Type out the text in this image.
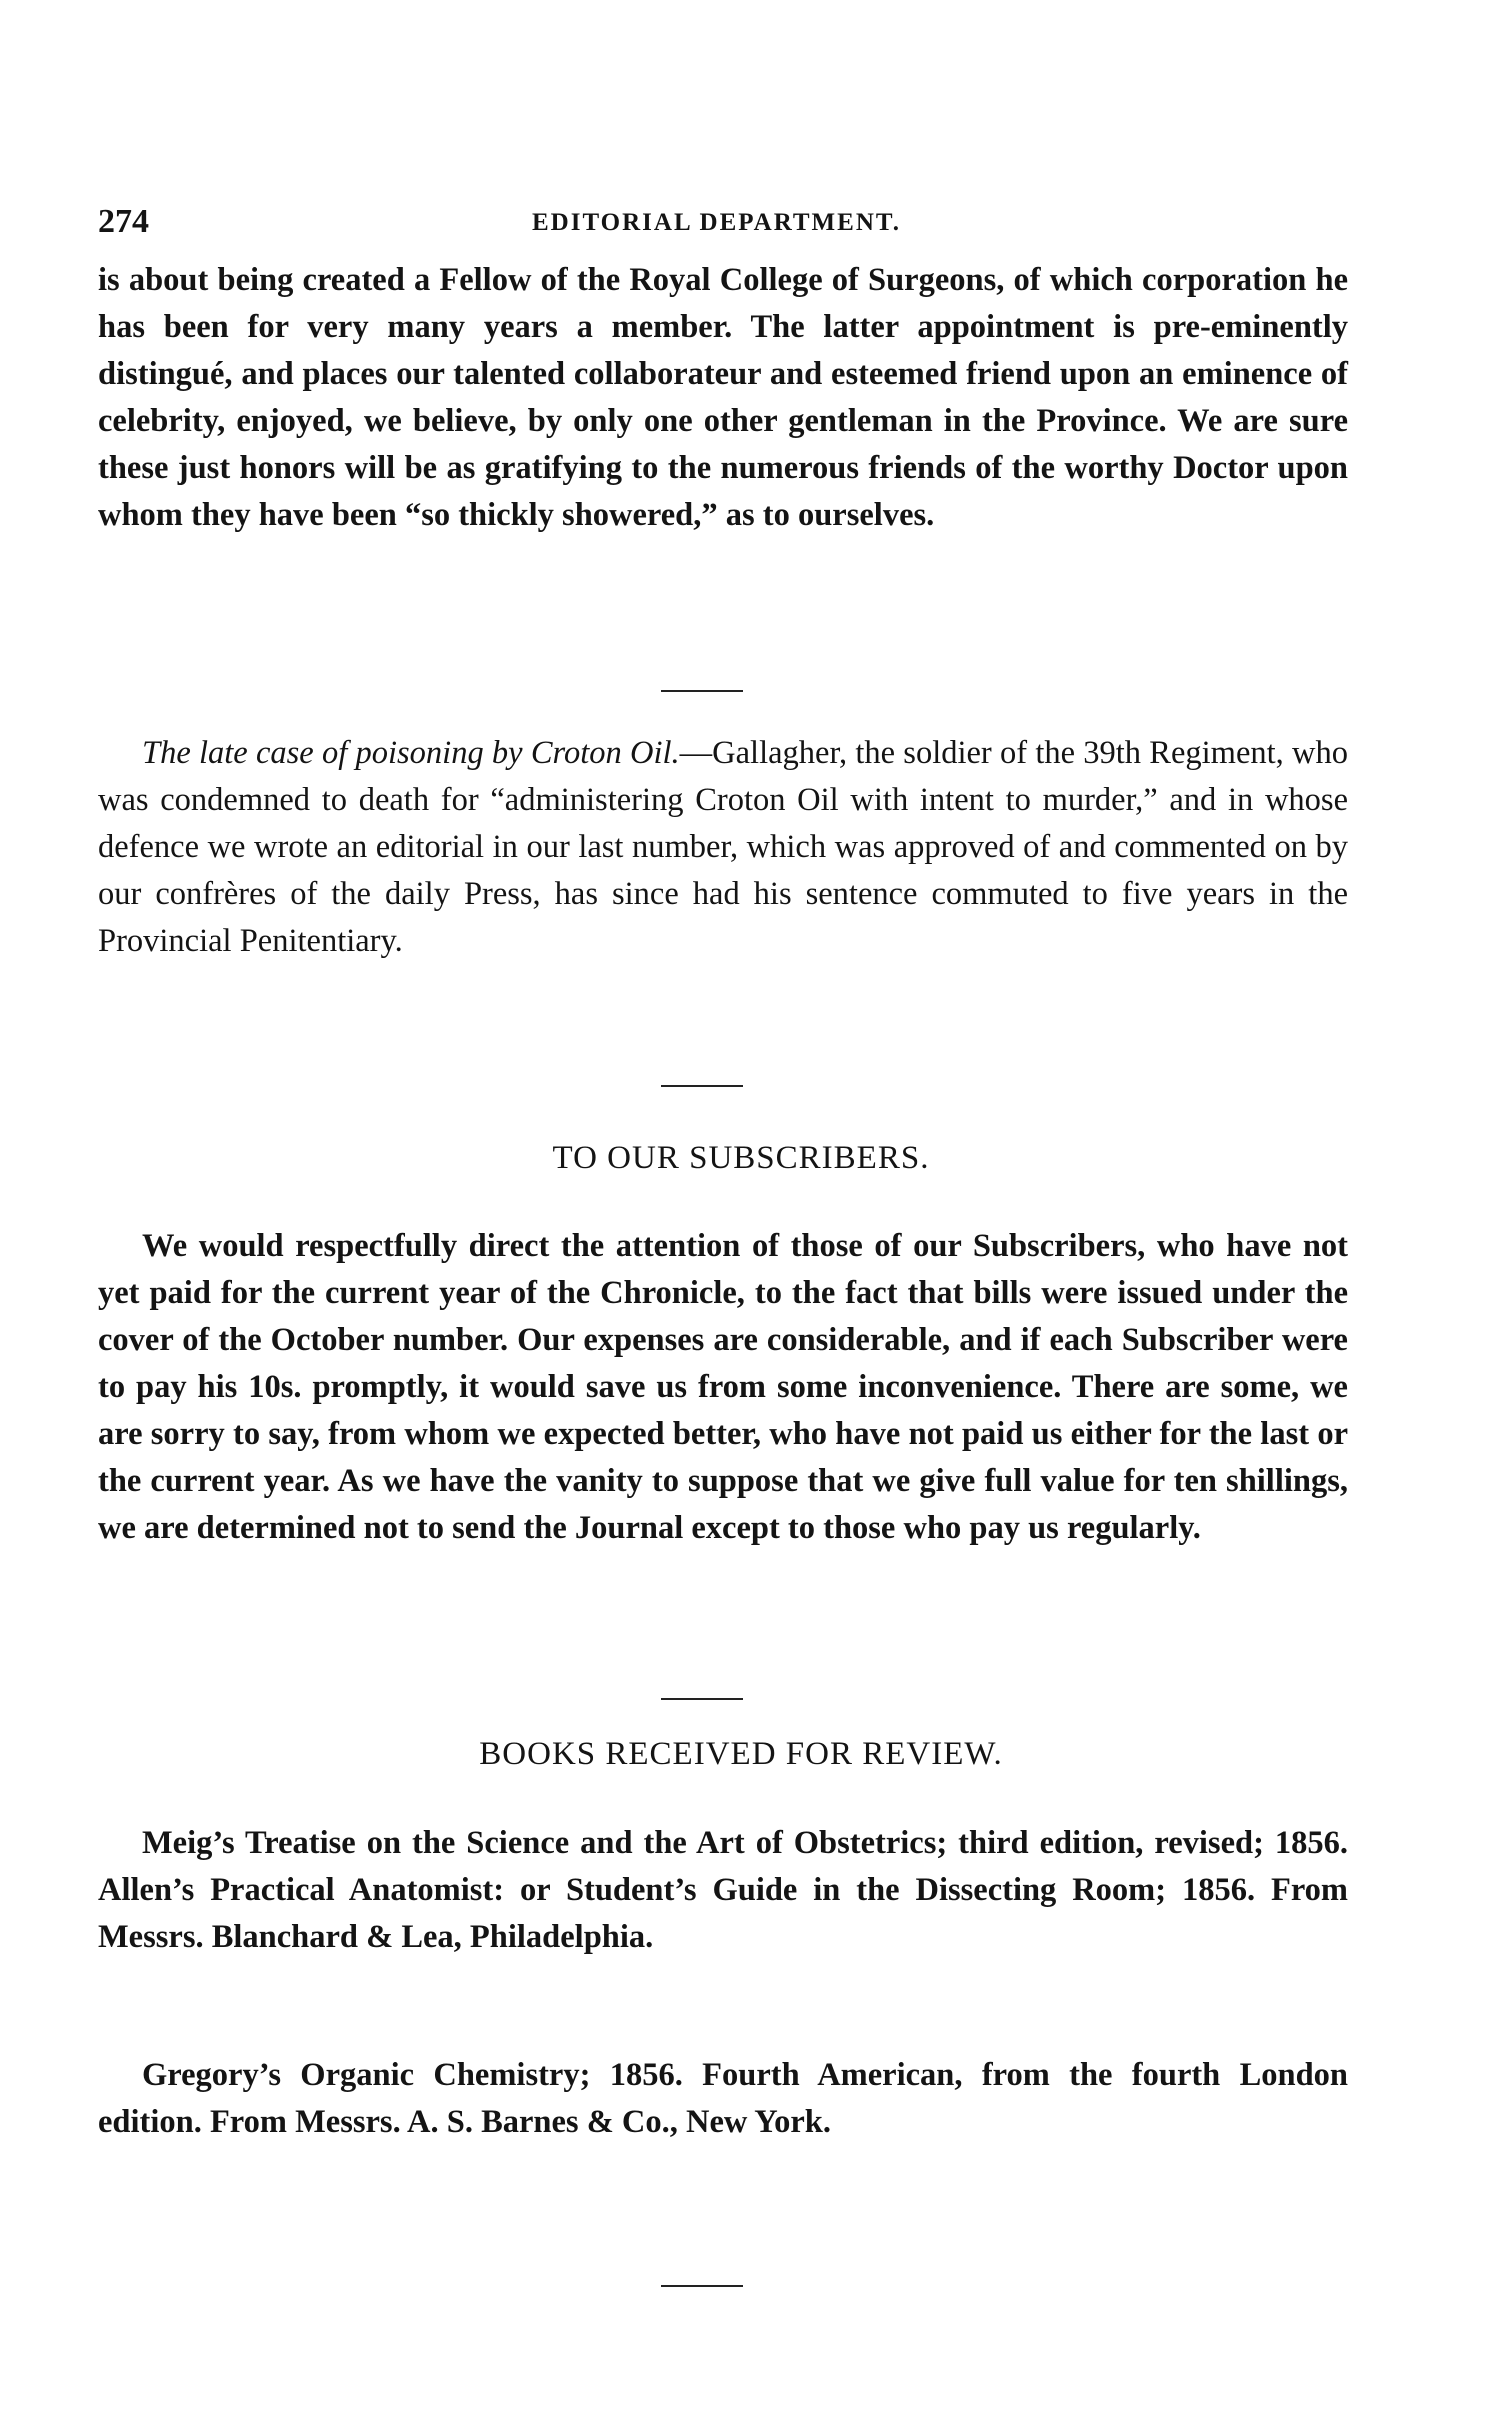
274	EDITORIAL DEPARTMENT.
is about being created a Fellow of the Royal College of Surgeons, of which corporation he has been for very many years a member. The latter appointment is pre-eminently distingué, and places our talented collaborateur and esteemed friend upon an eminence of celebrity, enjoyed, we believe, by only one other gentleman in the Province. We are sure these just honors will be as gratifying to the numerous friends of the worthy Doctor upon whom they have been “so thickly showered,” as to ourselves.
The late case of poisoning by Croton Oil.—Gallagher, the soldier of the 39th Regiment, who was condemned to death for “administering Croton Oil with intent to murder,” and in whose defence we wrote an editorial in our last number, which was approved of and commented on by our confrères of the daily Press, has since had his sentence commuted to five years in the Provincial Penitentiary.
TO OUR SUBSCRIBERS.
We would respectfully direct the attention of those of our Subscribers, who have not yet paid for the current year of the Chronicle, to the fact that bills were issued under the cover of the October number. Our expenses are considerable, and if each Subscriber were to pay his 10s. promptly, it would save us from some inconvenience. There are some, we are sorry to say, from whom we expected better, who have not paid us either for the last or the current year. As we have the vanity to suppose that we give full value for ten shillings, we are determined not to send the Journal except to those who pay us regularly.
BOOKS RECEIVED FOR REVIEW.
Meig’s Treatise on the Science and the Art of Obstetrics; third edition, revised; 1856. Allen’s Practical Anatomist: or Student’s Guide in the Dissecting Room; 1856. From Messrs. Blanchard & Lea, Philadelphia.
Gregory’s Organic Chemistry; 1856. Fourth American, from the fourth London edition. From Messrs. A. S. Barnes & Co., New York.
